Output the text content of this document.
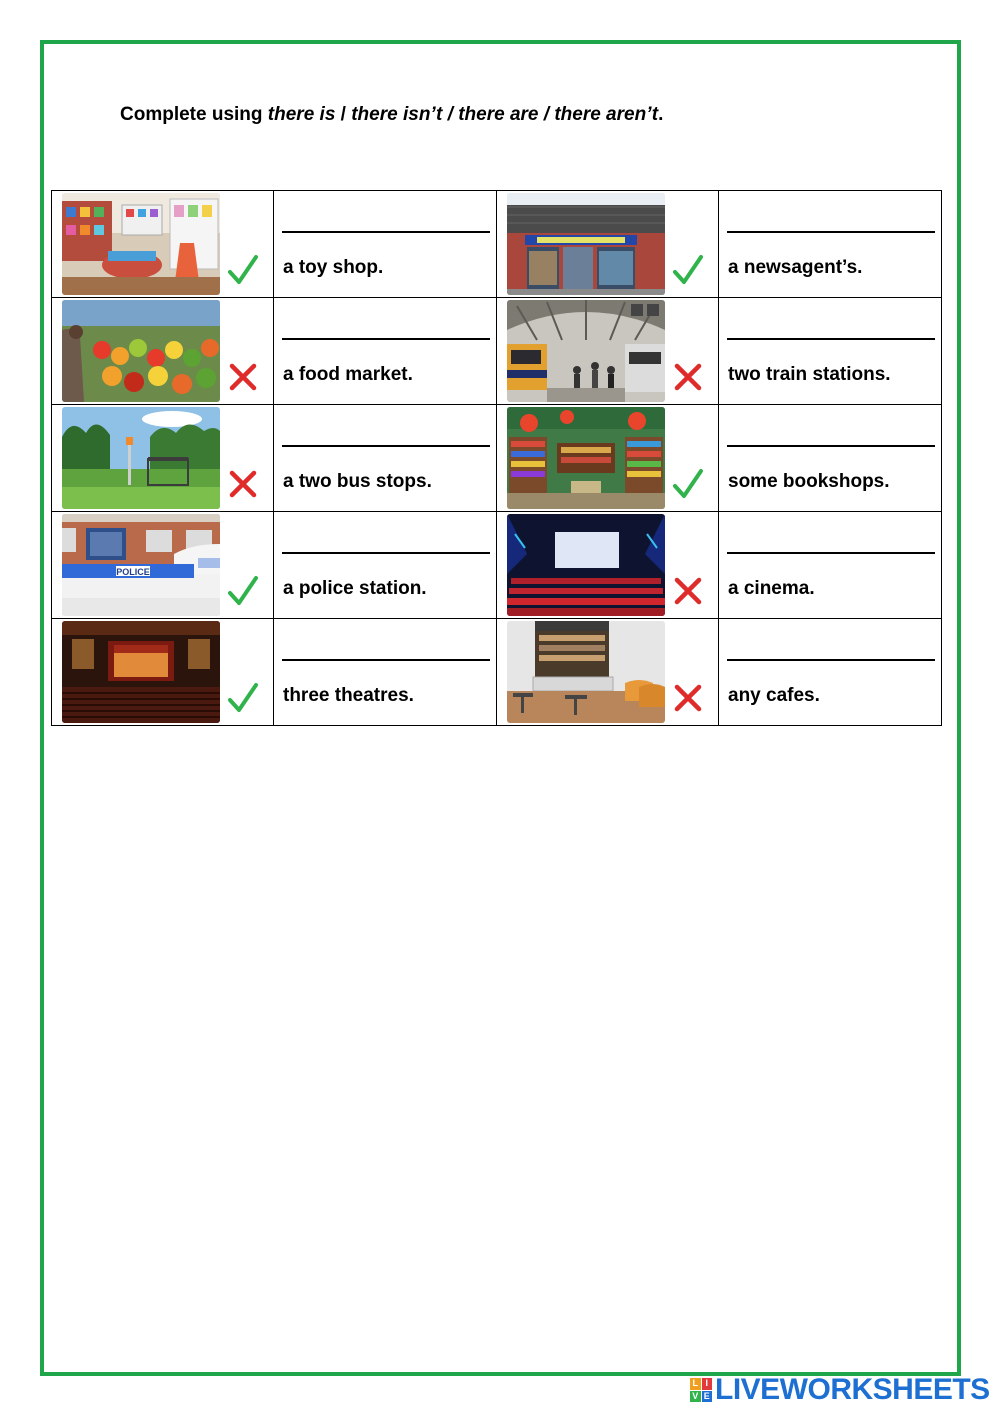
Complete using there is / there isn’t / there are / there aren’t.

a toy shop.		a newsagent’s.

a food market.		two train stations.

a two bus stops.		some bookshops.

POLICE	a police station.		a cinema.

three theatres.		any cafes.
L I
V E LIVEWORKSHEETS
